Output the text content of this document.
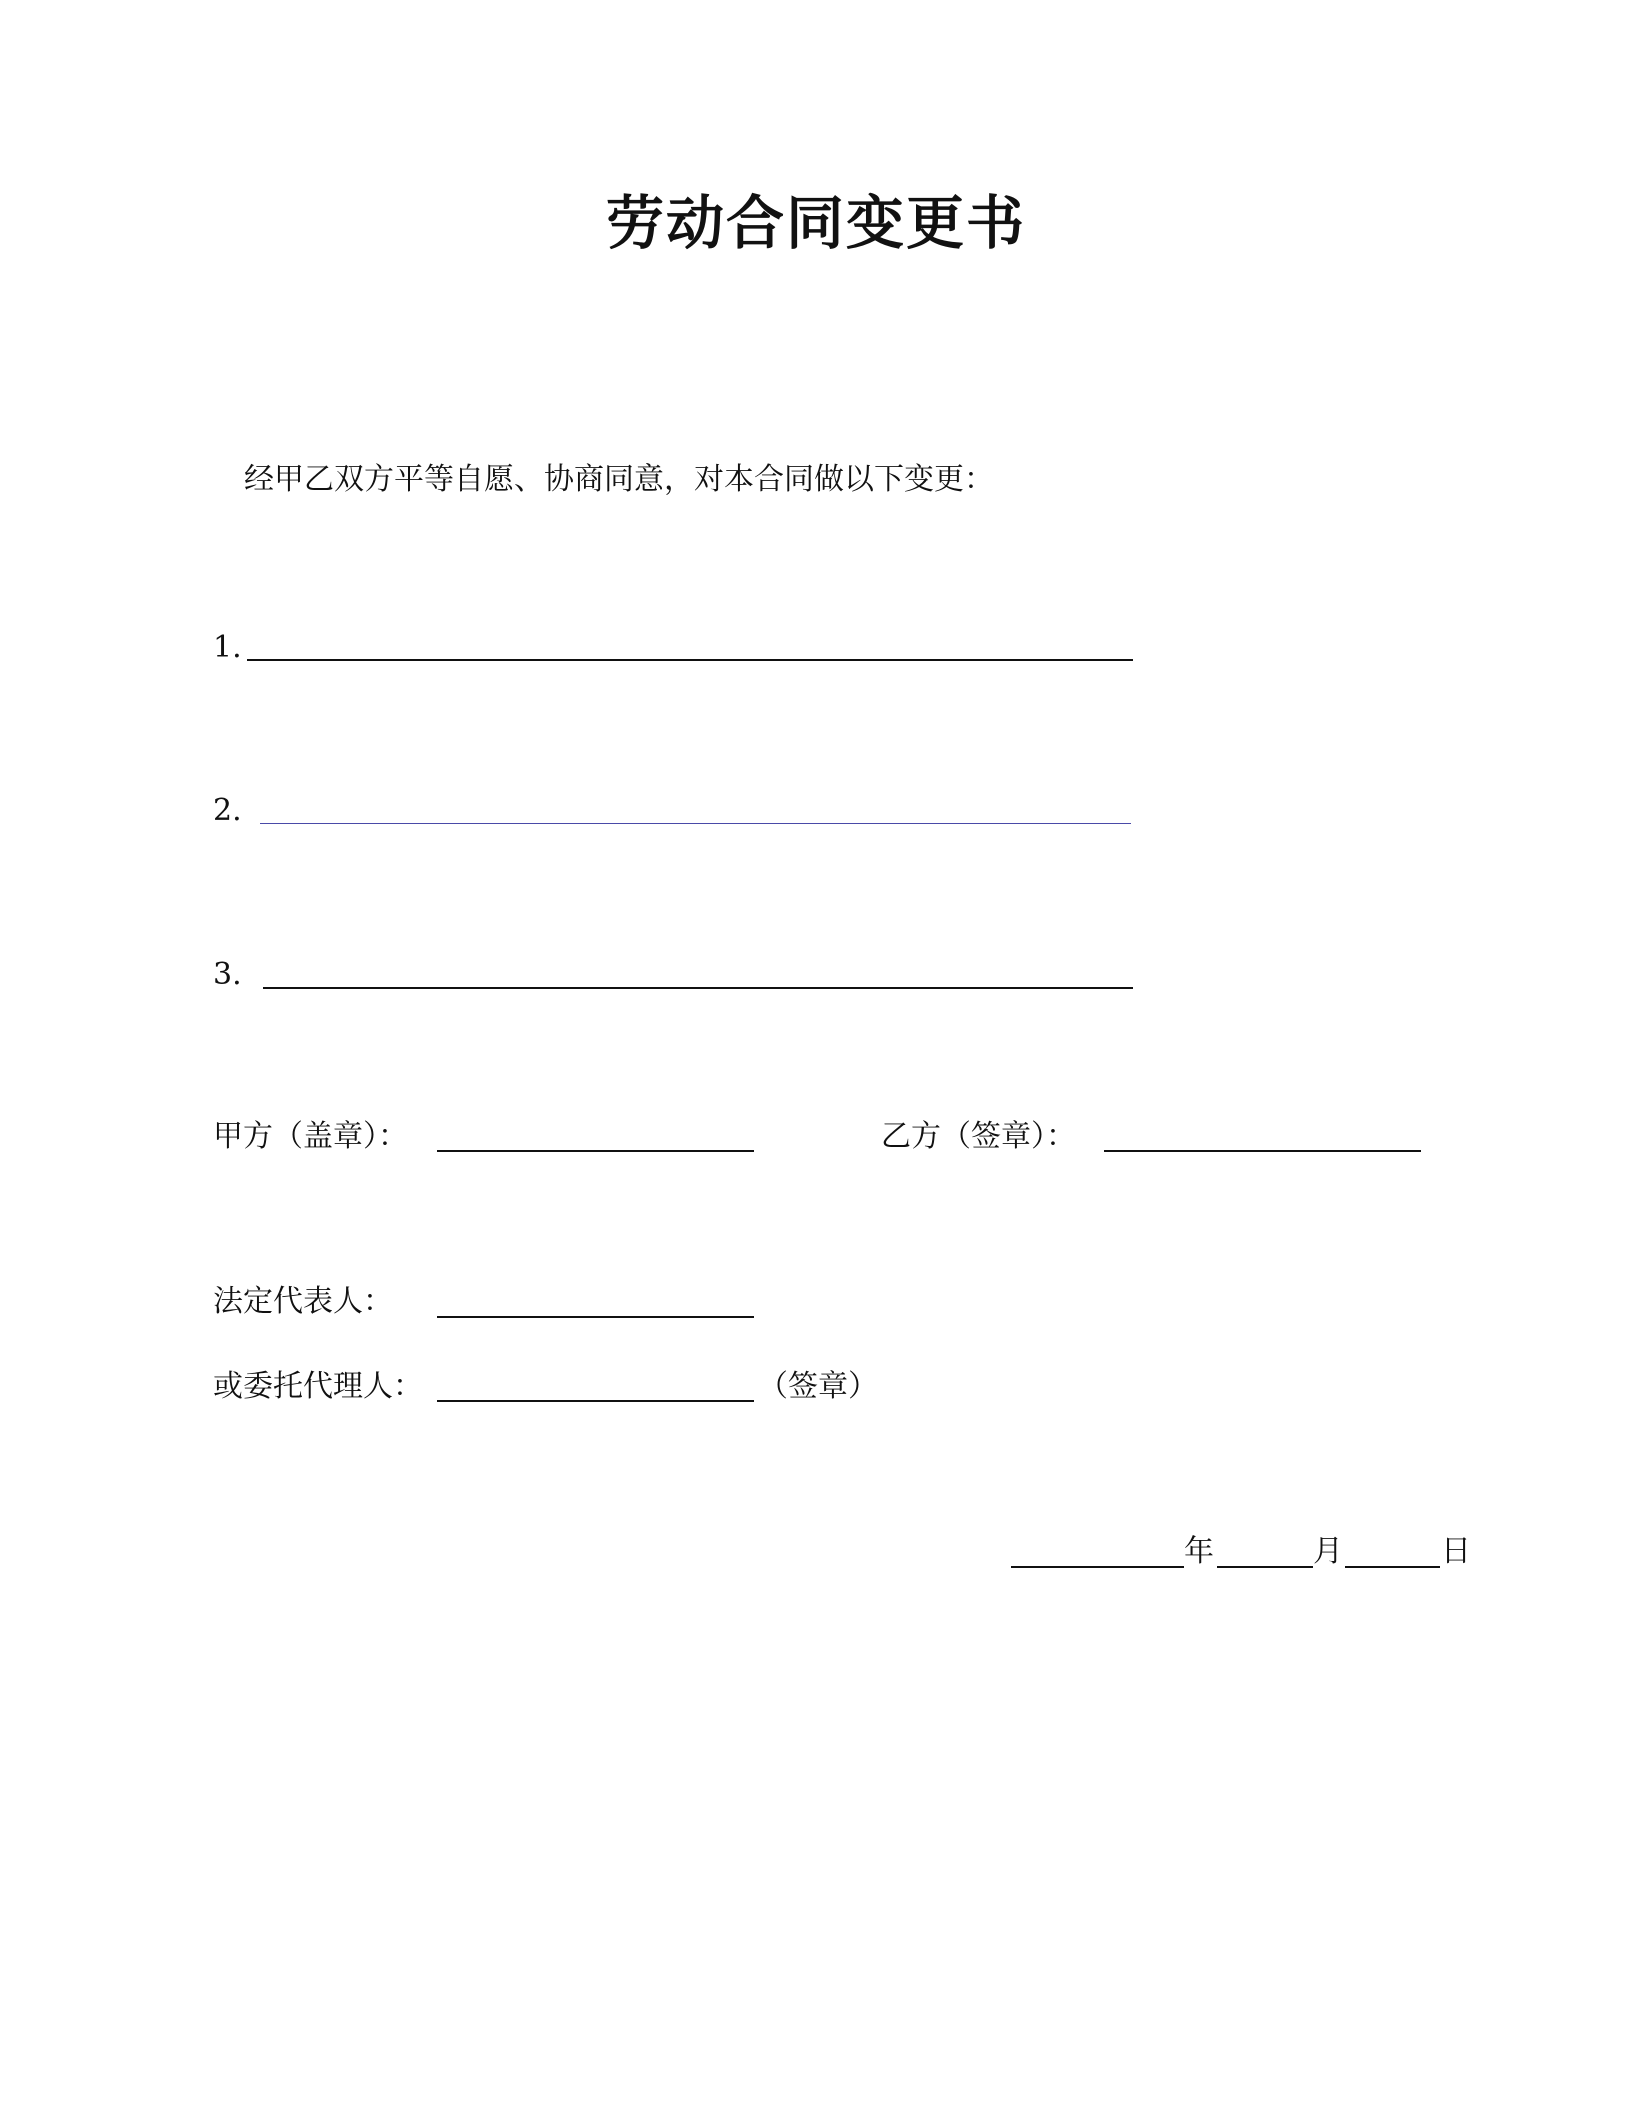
劳动合同变更书
经甲乙双方平等自愿、协商同意，对本合同做以下变更：
1.
2.
3.
甲方（盖章）：	乙方（签章）：
法定代表人：
或委托代理人：	（签章）
年	月	日
